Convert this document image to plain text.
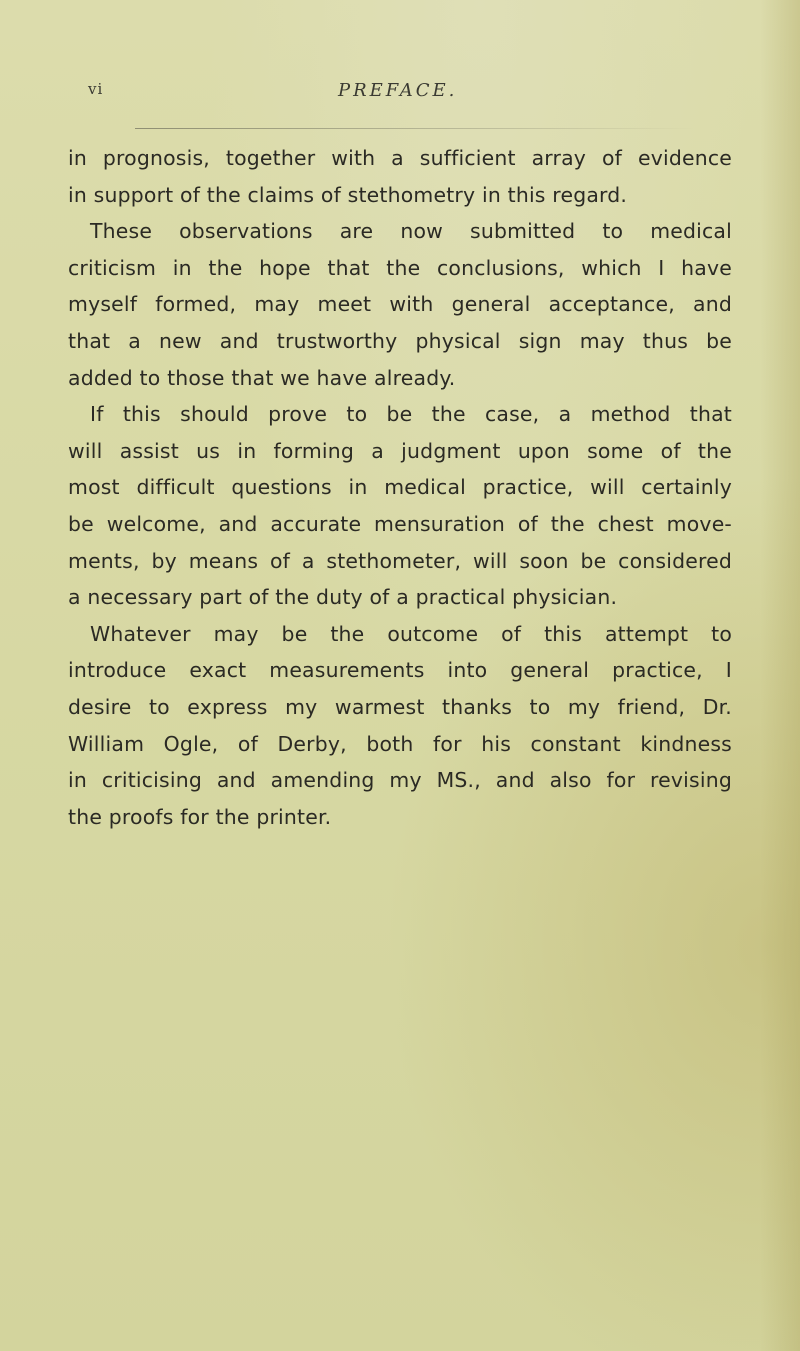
vi	PREFACE.
in prognosis, together with a sufficient array of evidence
in support of the claims of stethometry in this regard.
These observations are now submitted to medical
criticism in the hope that the conclusions, which I have
myself formed, may meet with general acceptance, and
that a new and trustworthy physical sign may thus be
added to those that we have already.
If this should prove to be the case, a method that
will assist us in forming a judgment upon some of the
most difficult questions in medical practice, will certainly
be welcome, and accurate mensuration of the chest move-
ments, by means of a stethometer, will soon be considered
a necessary part of the duty of a practical physician.
Whatever may be the outcome of this attempt to
introduce exact measurements into general practice, I
desire to express my warmest thanks to my friend, Dr.
William Ogle, of Derby, both for his constant kindness
in criticising and amending my MS., and also for revising
the proofs for the printer.
